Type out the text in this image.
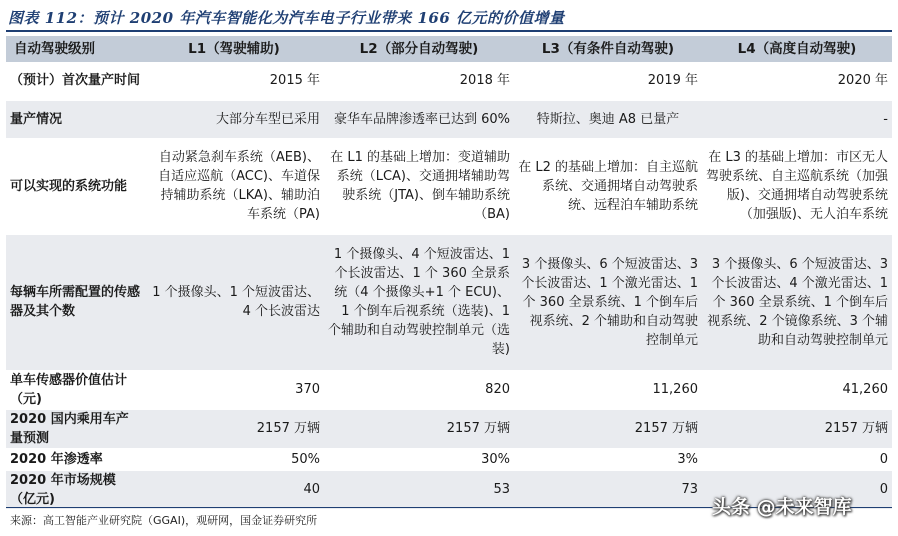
图表 112：预计 2020 年汽车智能化为汽车电子行业带来 166 亿元的价值增量
自动驾驶级别	L1（驾驶辅助)	L2（部分自动驾驶)	L3（有条件自动驾驶)	L4（高度自动驾驶)
（预计）首次量产时间	2015 年	2018 年	2019 年	2020 年
量产情况	大部分车型已采用	豪华车品牌渗透率已达到 60%	特斯拉、奥迪 A8 已量产	-
可以实现的系统功能	自动紧急刹车系统（AEB)、自适应巡航（ACC)、车道保持辅助系统（LKA)、辅助泊车系统（PA)	在 L1 的基础上增加：变道辅助系统（LCA)、交通拥堵辅助驾驶系统（JTA)、倒车辅助系统（BA)	在 L2 的基础上增加：自主巡航系统、交通拥堵自动驾驶系统、远程泊车辅助系统	在 L3 的基础上增加：市区无人驾驶系统、自主巡航系统（加强版)、交通拥堵自动驾驶系统（加强版)、无人泊车系统
每辆车所需配置的传感器及其个数	1 个摄像头、1 个短波雷达、4 个长波雷达	1 个摄像头、4 个短波雷达、1 个长波雷达、1 个 360 全景系统（4 个摄像头+1 个 ECU)、1 个倒车后视系统（选装)、1 个辅助和自动驾驶控制单元（选装)	3 个摄像头、6 个短波雷达、3 个长波雷达、1 个激光雷达、1 个 360 全景系统、1 个倒车后视系统、2 个辅助和自动驾驶控制单元	3 个摄像头、6 个短波雷达、3 个长波雷达、4 个激光雷达、1 个 360 全景系统、1 个倒车后视系统、2 个镜像系统、3 个辅助和自动驾驶控制单元
单车传感器价值估计（元)	370	820	11,260	41,260
2020 国内乘用车产量预测	2157 万辆	2157 万辆	2157 万辆	2157 万辆
2020 年渗透率	50%	30%	3%	0
2020 年市场规模（亿元)	40	53	73	0
来源：高工智能产业研究院（GGAI)，观研网，国金证券研究所
头条 @未来智库
